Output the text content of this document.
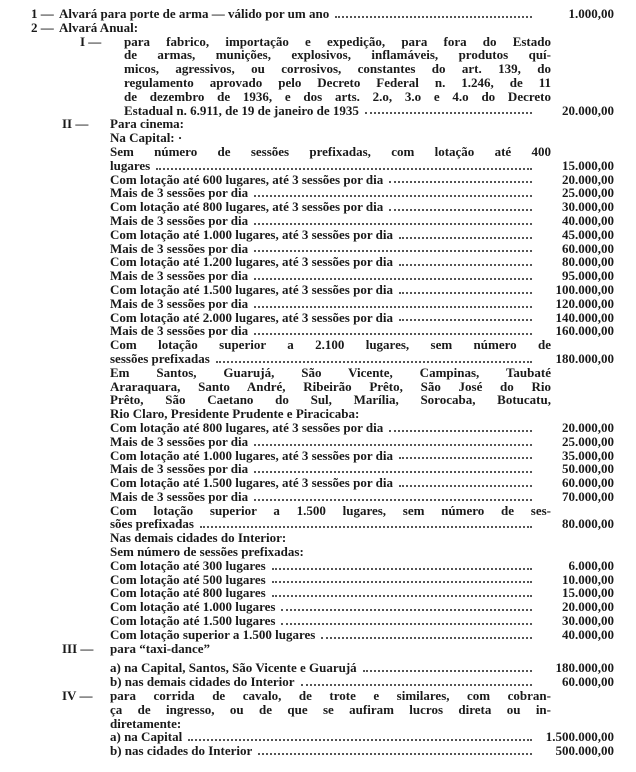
1 — Alvará para porte de arma — válido por um ano	1.000,00
2 — Alvará Anual:
I — para fabrico, importação e expedição, para fora do Estado
de armas, munições, explosivos, inflamáveis, produtos quí-
micos, agressivos, ou corrosivos, constantes do art. 139, do
regulamento aprovado pelo Decreto Federal n. 1.246, de 11
de dezembro de 1936, e dos arts. 2.o, 3.o e 4.o do Decreto
Estadual n. 6.911, de 19 de janeiro de 1935	20.000,00
II — Para cinema:
Na Capital: ·
Sem número de sessões prefixadas, com lotação até 400
lugares	15.000,00
Com lotação até 600 lugares, até 3 sessões por dia	20.000,00
Mais de 3 sessões por dia	25.000,00
Com lotação até 800 lugares, até 3 sessões por dia	30.000,00
Mais de 3 sessões por dia	40.000,00
Com lotação até 1.000 lugares, até 3 sessões por dia	45.000,00
Mais de 3 sessões por dia	60.000,00
Com lotação até 1.200 lugares, até 3 sessões por dia	80.000,00
Mais de 3 sessões por dia	95.000,00
Com lotação até 1.500 lugares, até 3 sessões por dia	100.000,00
Mais de 3 sessões por dia	120.000,00
Com lotação até 2.000 lugares, até 3 sessões por dia	140.000,00
Mais de 3 sessões por dia	160.000,00
Com lotação superior a 2.100 lugares, sem número de
sessões prefixadas	180.000,00
Em Santos, Guarujá, São Vicente, Campinas, Taubaté
Araraquara, Santo André, Ribeirão Prêto, São José do Rio
Prêto, São Caetano do Sul, Marília, Sorocaba, Botucatu,
Rio Claro, Presidente Prudente e Piracicaba:
Com lotação até 800 lugares, até 3 sessões por dia	20.000,00
Mais de 3 sessões por dia	25.000,00
Com lotação até 1.000 lugares, até 3 sessões por dia	35.000,00
Mais de 3 sessões por dia	50.000,00
Com lotação até 1.500 lugares, até 3 sessões por dia	60.000,00
Mais de 3 sessões por dia	70.000,00
Com lotação superior a 1.500 lugares, sem número de ses-
sões prefixadas	80.000,00
Nas demais cidades do Interior:
Sem número de sessões prefixadas:
Com lotação até 300 lugares	6.000,00
Com lotação até 500 lugares	10.000,00
Com lotação até 800 lugares	15.000,00
Com lotação até 1.000 lugares	20.000,00
Com lotação até 1.500 lugares	30.000,00
Com lotação superior a 1.500 lugares	40.000,00
III — para “taxi-dance”
a) na Capital, Santos, São Vicente e Guarujá	180.000,00
b) nas demais cidades do Interior	60.000,00
IV — para corrida de cavalo, de trote e similares, com cobran-
ça de ingresso, ou de que se aufiram lucros direta ou in-
diretamente:
a) na Capital	1.500.000,00
b) nas cidades do Interior	500.000,00
